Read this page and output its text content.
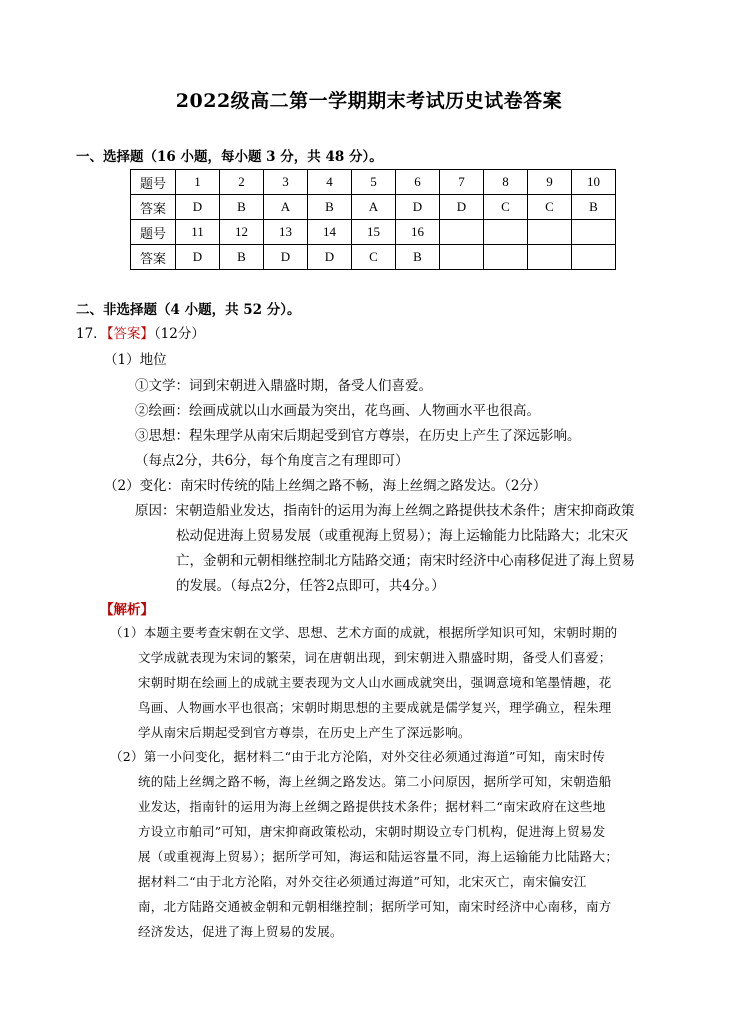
2022级高二第一学期期末考试历史试卷答案
一、选择题（16 小题，每小题 3 分，共 48 分）。
题号	1	2	3	4	5	6	7	8	9	10
答案	D	B	A	B	A	D	D	C	C	B
题号	11	12	13	14	15	16				
答案	D	B	D	D	C	B				
二、非选择题（4 小题，共 52 分）。
17．【答案】（12分）
（1）地位
①文学：词到宋朝进入鼎盛时期，备受人们喜爱。
②绘画：绘画成就以山水画最为突出，花鸟画、人物画水平也很高。
③思想：程朱理学从南宋后期起受到官方尊崇，在历史上产生了深远影响。
（每点2分，共6分，每个角度言之有理即可）
（2）变化：南宋时传统的陆上丝绸之路不畅，海上丝绸之路发达。（2分）
原因：宋朝造船业发达，指南针的运用为海上丝绸之路提供技术条件；唐宋抑商政策
松动促进海上贸易发展（或重视海上贸易）；海上运输能力比陆路大；北宋灭
亡，金朝和元朝相继控制北方陆路交通；南宋时经济中心南移促进了海上贸易
的发展。（每点2分，任答2点即可，共4分。）
【解析】
（1）本题主要考查宋朝在文学、思想、艺术方面的成就，根据所学知识可知，宋朝时期的
文学成就表现为宋词的繁荣，词在唐朝出现，到宋朝进入鼎盛时期，备受人们喜爱；
宋朝时期在绘画上的成就主要表现为文人山水画成就突出，强调意境和笔墨情趣，花
鸟画、人物画水平也很高；宋朝时期思想的主要成就是儒学复兴，理学确立，程朱理
学从南宋后期起受到官方尊崇，在历史上产生了深远影响。
（2）第一小问变化，据材料二“由于北方沦陷，对外交往必须通过海道”可知，南宋时传
统的陆上丝绸之路不畅，海上丝绸之路发达。第二小问原因，据所学可知，宋朝造船
业发达，指南针的运用为海上丝绸之路提供技术条件；据材料二“南宋政府在这些地
方设立市舶司”可知，唐宋抑商政策松动，宋朝时期设立专门机构，促进海上贸易发
展（或重视海上贸易）；据所学可知，海运和陆运容量不同，海上运输能力比陆路大；
据材料二“由于北方沦陷，对外交往必须通过海道”可知，北宋灭亡，南宋偏安江
南，北方陆路交通被金朝和元朝相继控制；据所学可知，南宋时经济中心南移，南方
经济发达，促进了海上贸易的发展。
